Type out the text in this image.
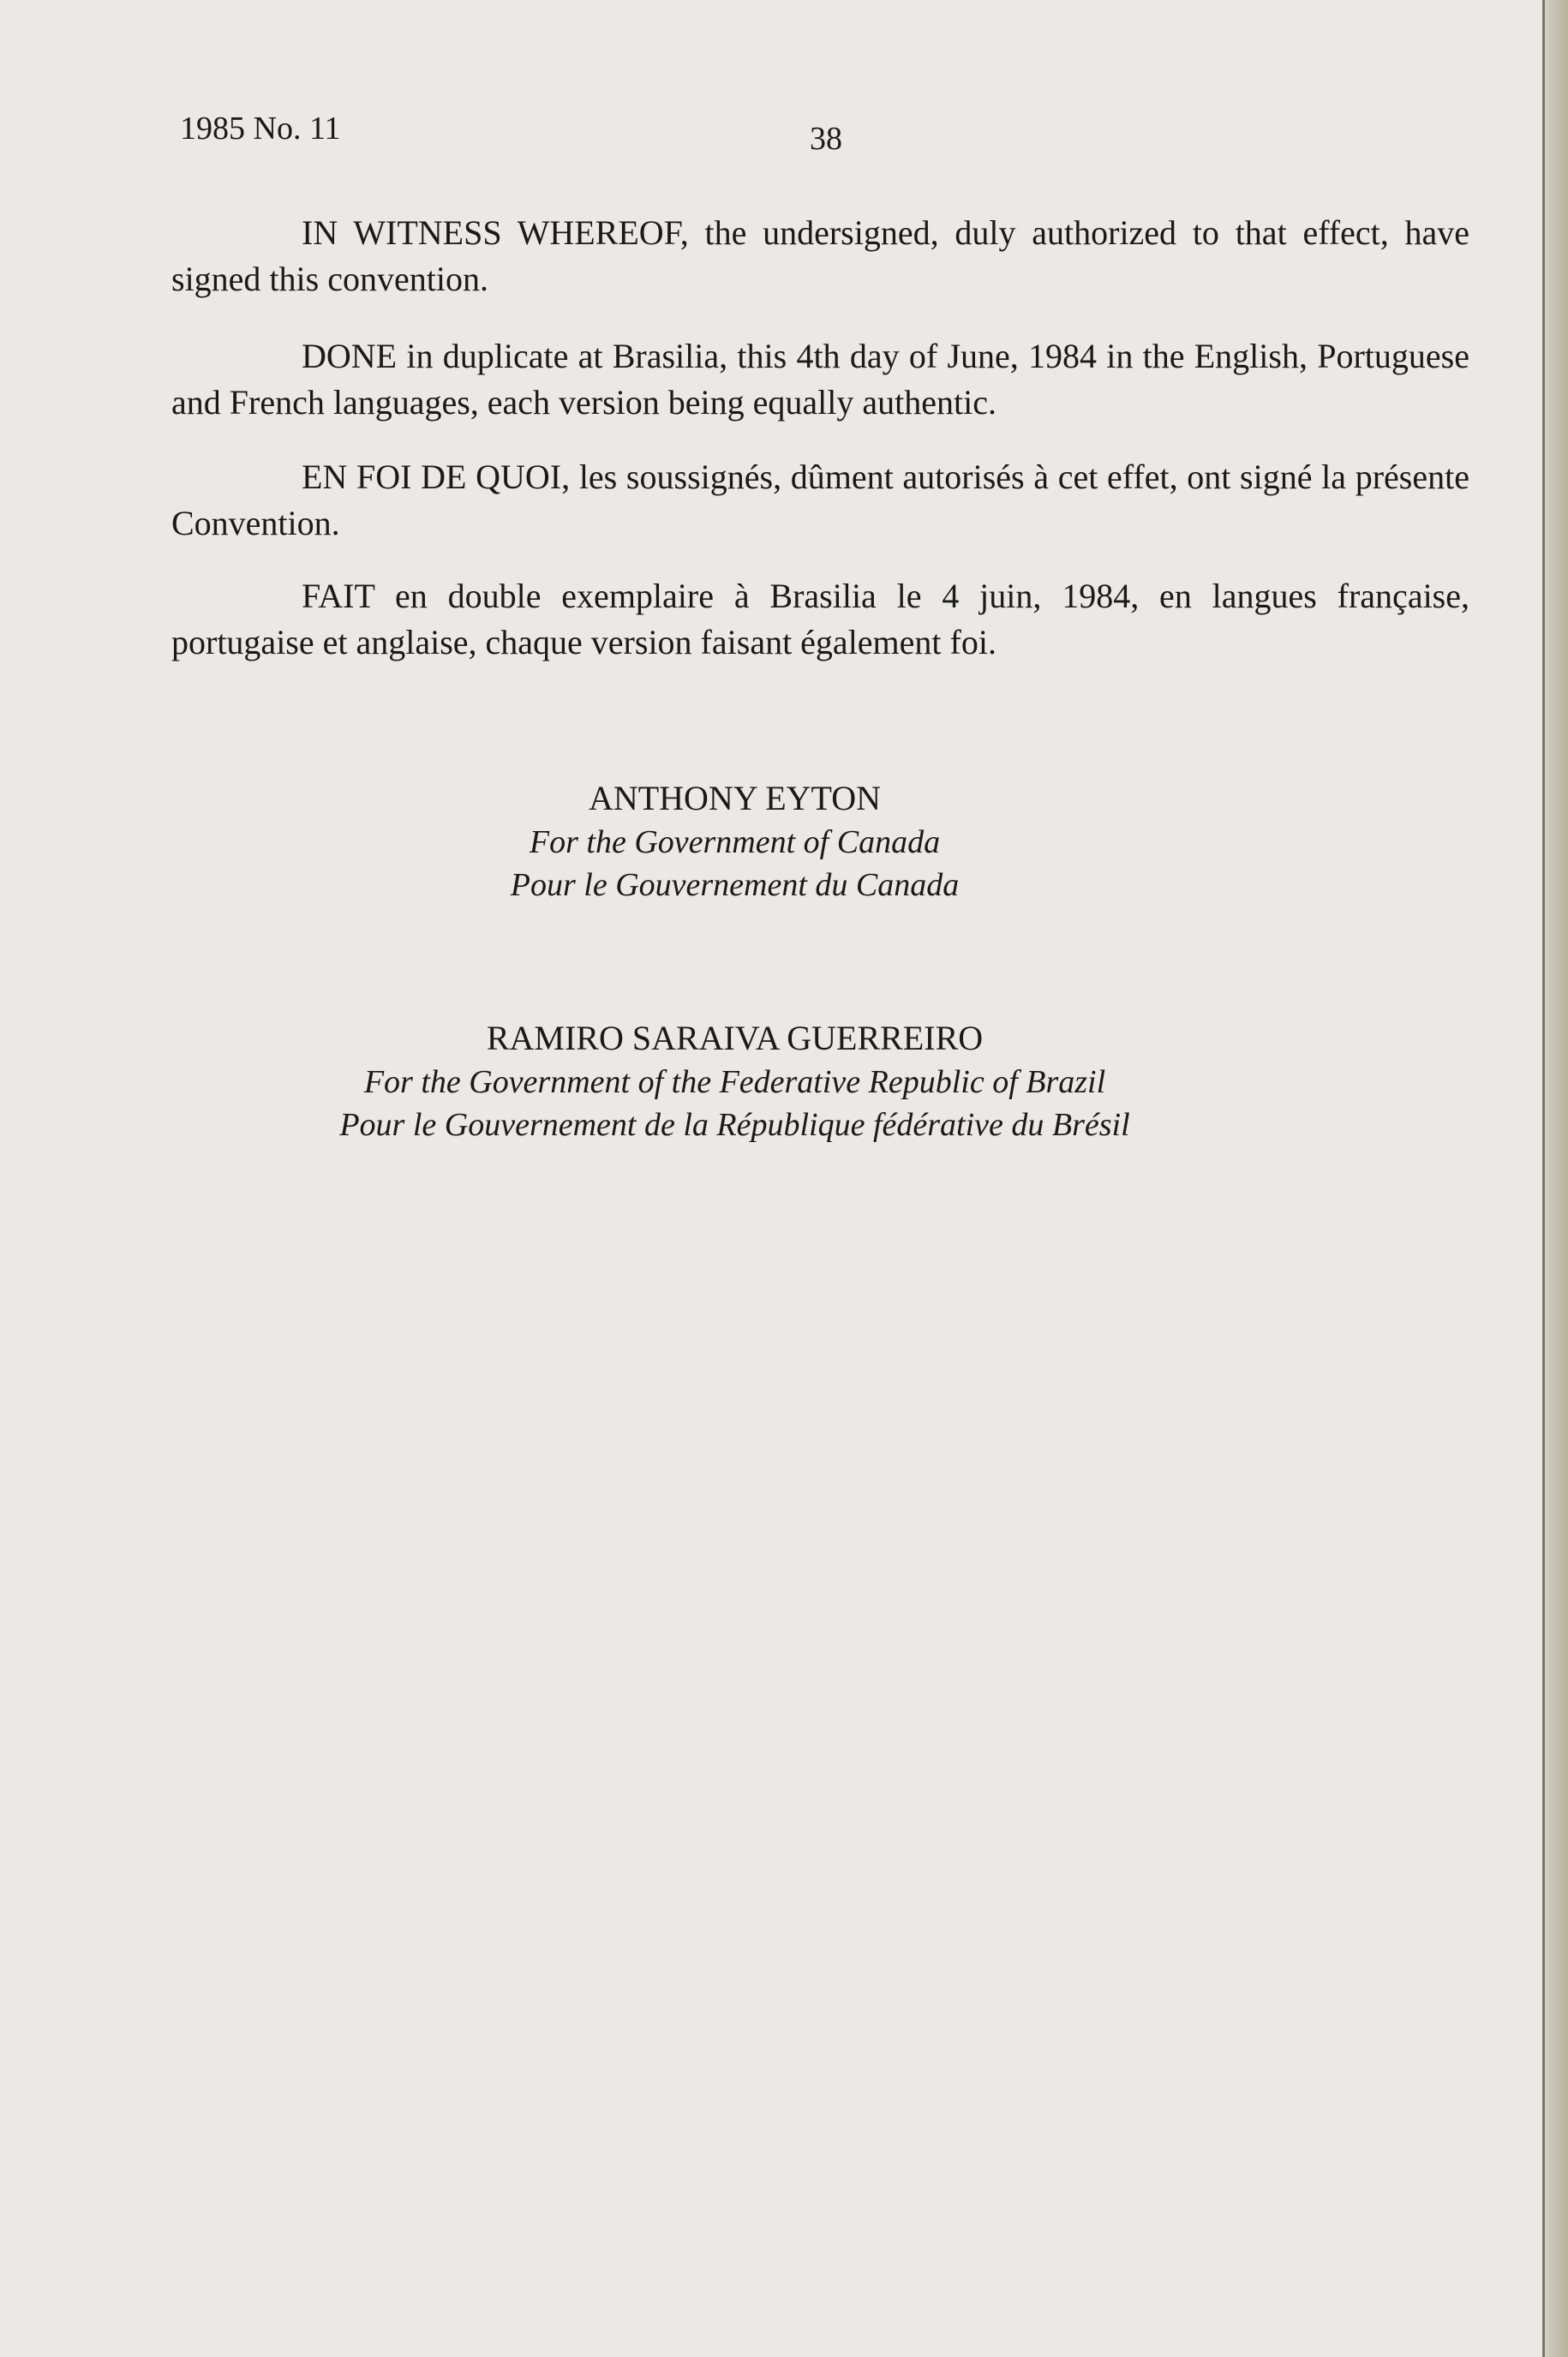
1985 No. 11	38

IN WITNESS WHEREOF, the undersigned, duly authorized to that effect, have signed this convention.

DONE in duplicate at Brasilia, this 4th day of June, 1984 in the English, Portuguese and French languages, each version being equally authentic.

EN FOI DE QUOI, les soussignés, dûment autorisés à cet effet, ont signé la présente Convention.

FAIT en double exemplaire à Brasilia le 4 juin, 1984, en langues française, portugaise et anglaise, chaque version faisant également foi.

ANTHONY EYTON
For the Government of Canada
Pour le Gouvernement du Canada
RAMIRO SARAIVA GUERREIRO
For the Government of the Federative Republic of Brazil
Pour le Gouvernement de la République fédérative du Brésil
